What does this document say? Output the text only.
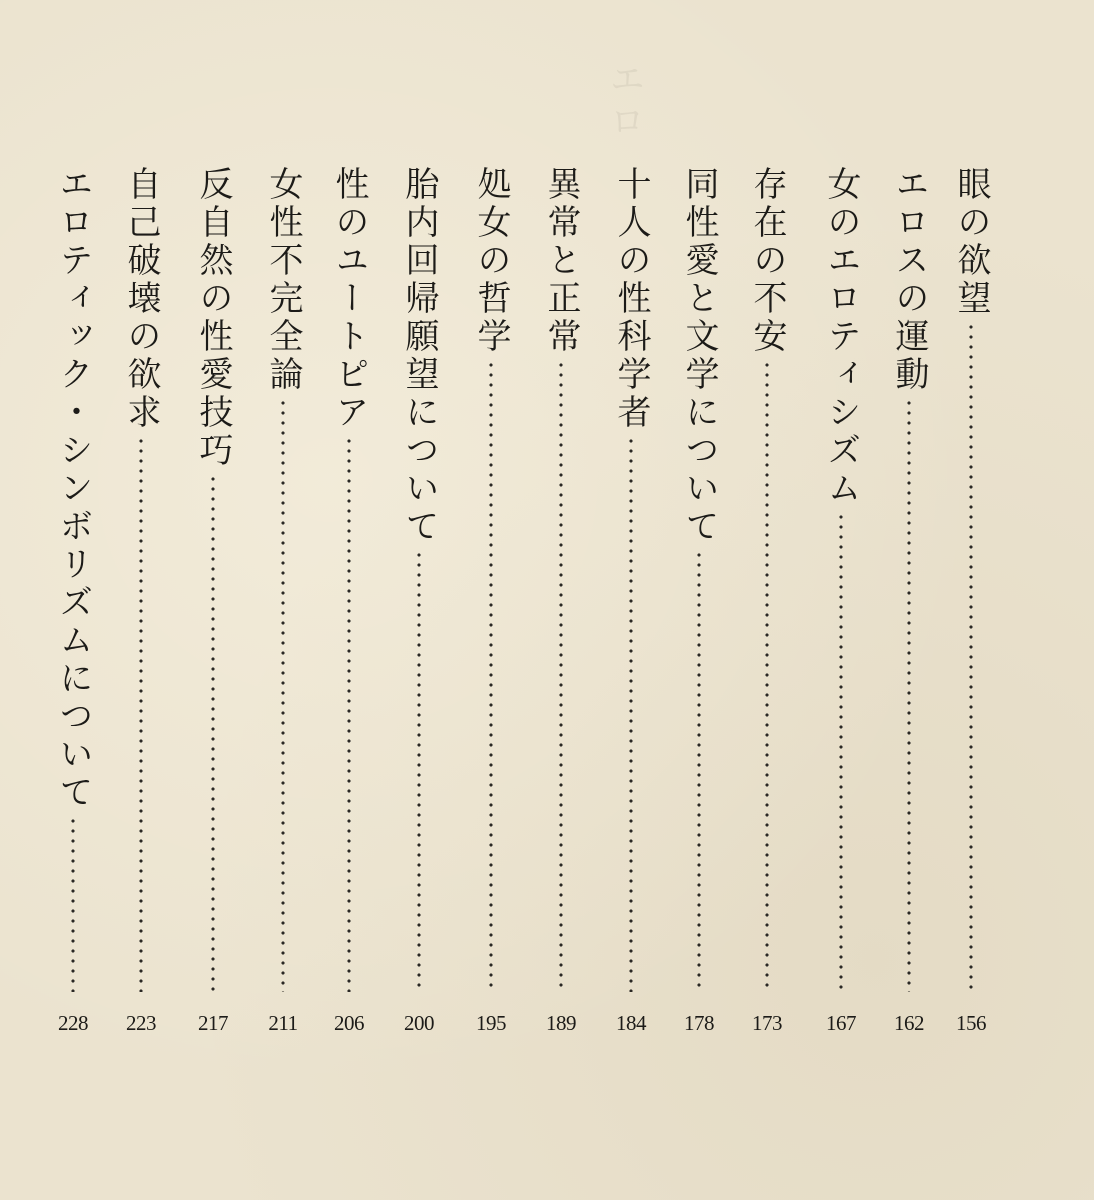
エロ
眼の欲望
156
エロスの運動
162
女のエロティシズム
167
存在の不安
173
同性愛と文学について
178
十人の性科学者
184
異常と正常
189
処女の哲学
195
胎内回帰願望について
200
性のユートピア
206
女性不完全論
211
反自然の性愛技巧
217
自己破壊の欲求
223
エロティック・シンボリズムについて
228
